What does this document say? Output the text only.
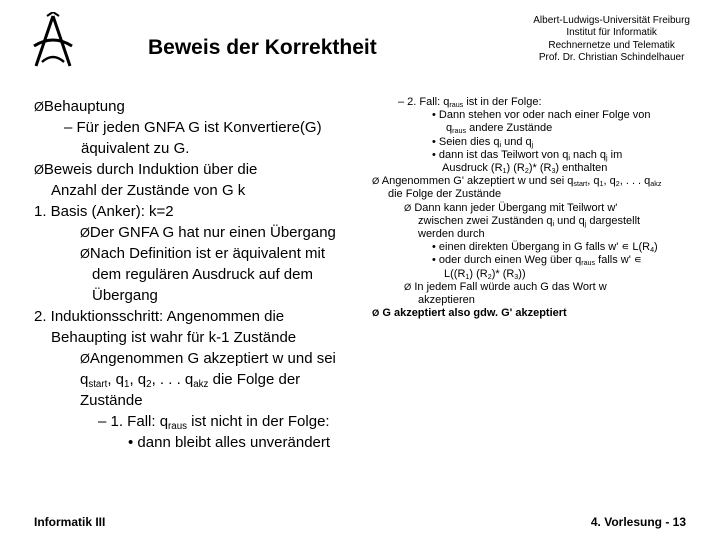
Beweis der Korrektheit
Albert-Ludwigs-Universität Freiburg
Institut für Informatik
Rechnernetze und Telematik
Prof. Dr. Christian Schindelhauer
ØBehauptung
– Für jeden GNFA G ist Konvertiere(G)
äquivalent zu G.
ØBeweis durch Induktion über die
Anzahl der Zustände von G k
1. Basis (Anker): k=2
ØDer GNFA G hat nur einen Übergang
ØNach Definition ist er äquivalent mit
dem regulären Ausdruck auf dem
Übergang
2. Induktionsschritt: Angenommen die
Behaupting ist wahr für k-1 Zustände
ØAngenommen G akzeptiert w und sei
$q_{start}$, $q_1$, $q_2$, . . . $q_{akz}$ die Folge der
Zustände
– 1. Fall: $q_{raus}$ ist nicht in der Folge:
• dann bleibt alles unverändert
– 2. Fall: $q_{raus}$ ist in der Folge:
• Dann stehen vor oder nach einer Folge von
$q_{raus}$ andere Zustände
• Seien dies $q_i$ und $q_j$
• dann ist das Teilwort von $q_i$ nach $q_j$ im
Ausdruck $(R_1)$ $(R_2)*$ $(R_3)$ enthalten
Ø Angenommen G' akzeptiert w und sei $q_{start}$, $q_1$, $q_2$, . . . $q_{akz}$
die Folge der Zustände
Ø Dann kann jeder Übergang mit Teilwort w'
zwischen zwei Zuständen $q_i$ und $q_j$ dargestellt
werden durch
• einen direkten Übergang in G falls w' ∊ $L(R_4)$
• oder durch einen Weg über $q_{raus}$ falls w' ∊
$L((R_1)$ $(R_2)*$ $(R_3)$)
Ø In jedem Fall würde auch G das Wort w
akzeptieren
Ø G akzeptiert also gdw. G' akzeptiert
Informatik III	4. Vorlesung - 13
